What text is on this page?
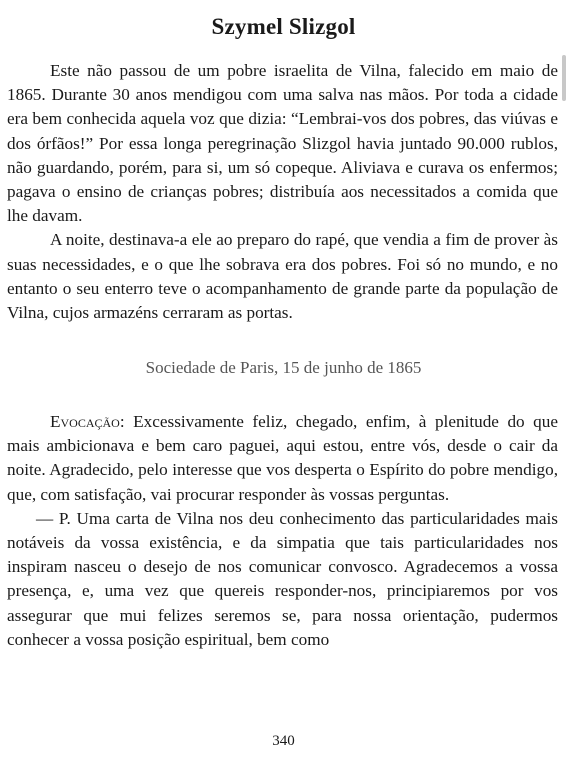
Szymel Slizgol

Este não passou de um pobre israelita de Vilna, falecido em maio de 1865. Durante 30 anos mendigou com uma salva nas mãos. Por toda a cidade era bem conhecida aquela voz que dizia: “Lembrai-vos dos pobres, das viúvas e dos órfãos!” Por essa longa peregrinação Slizgol havia juntado 90.000 rublos, não guardando, porém, para si, um só copeque. Aliviava e curava os enfermos; pagava o ensino de crianças pobres; distribuía aos necessitados a comida que lhe davam.

A noite, destinava-a ele ao preparo do rapé, que vendia a fim de prover às suas necessidades, e o que lhe sobrava era dos pobres. Foi só no mundo, e no entanto o seu enterro teve o acompanhamento de grande parte da população de Vilna, cujos armazéns cerraram as portas.

Sociedade de Paris, 15 de junho de 1865

Evocação: Excessivamente feliz, chegado, enfim, à plenitude do que mais ambicionava e bem caro paguei, aqui estou, entre vós, desde o cair da noite. Agradecido, pelo interesse que vos desperta o Espírito do pobre mendigo, que, com satisfação, vai procurar responder às vossas perguntas.

— P. Uma carta de Vilna nos deu conhecimento das particularidades mais notáveis da vossa existência, e da simpatia que tais particularidades nos inspiram nasceu o desejo de nos comunicar convosco. Agradecemos a vossa presença, e, uma vez que quereis responder-nos, principiaremos por vos assegurar que mui felizes seremos se, para nossa orientação, pudermos conhecer a vossa posição espiritual, bem como

340
